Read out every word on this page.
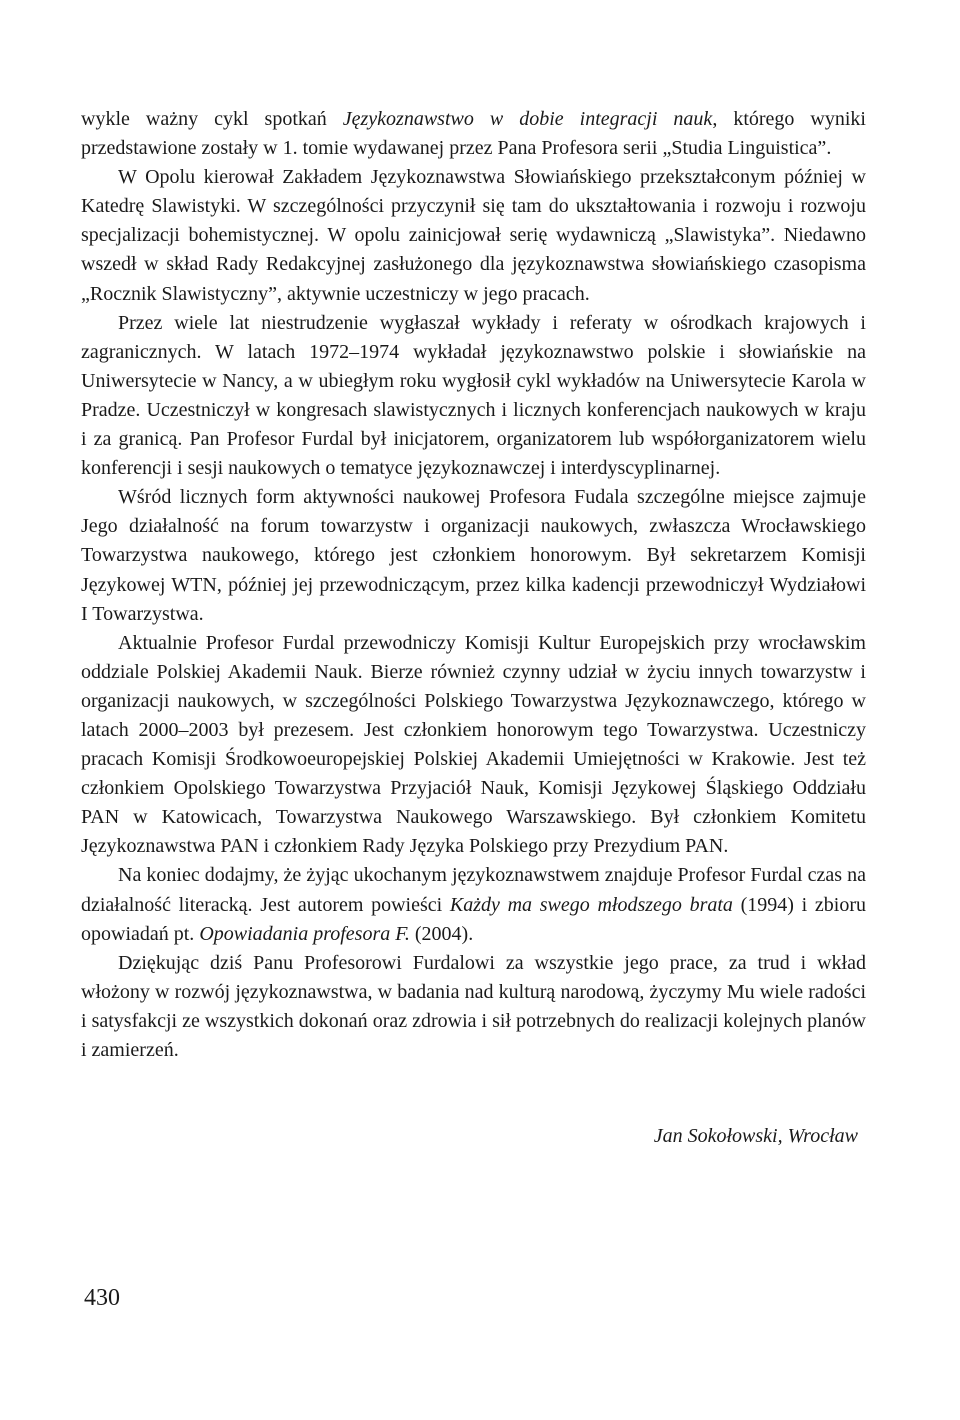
wykle ważny cykl spotkań Językoznawstwo w dobie integracji nauk, którego wyniki przedstawione zostały w 1. tomie wydawanej przez Pana Profesora serii „Studia Linguistica”.

W Opolu kierował Zakładem Językoznawstwa Słowiańskiego przekształconym później w Katedrę Slawistyki. W szczególności przyczynił się tam do ukształtowania i rozwoju i rozwoju specjalizacji bohemistycznej. W opolu zainicjował serię wydawniczą „Slawistyka”. Niedawno wszedł w skład Rady Redakcyjnej zasłużonego dla językoznawstwa słowiańskiego czasopisma „Rocznik Slawistyczny”, aktywnie uczestniczy w jego pracach.

Przez wiele lat niestrudzenie wygłaszał wykłady i referaty w ośrodkach krajowych i zagranicznych. W latach 1972–1974 wykładał językoznawstwo polskie i słowiańskie na Uniwersytecie w Nancy, a w ubiegłym roku wygłosił cykl wykładów na Uniwersytecie Karola w Pradze. Uczestniczył w kongresach slawistycznych i licznych konferencjach naukowych w kraju i za granicą. Pan Profesor Furdal był inicjatorem, organizatorem lub współorganizatorem wielu konferencji i sesji naukowych o tematyce językoznawczej i interdyscyplinarnej.

Wśród licznych form aktywności naukowej Profesora Fudala szczególne miejsce zajmuje Jego działalność na forum towarzystw i organizacji naukowych, zwłaszcza Wrocławskiego Towarzystwa naukowego, którego jest członkiem honorowym. Był sekretarzem Komisji Językowej WTN, później jej przewodniczącym, przez kilka kadencji przewodniczył Wydziałowi I Towarzystwa.

Aktualnie Profesor Furdal przewodniczy Komisji Kultur Europejskich przy wrocławskim oddziale Polskiej Akademii Nauk. Bierze również czynny udział w życiu innych towarzystw i organizacji naukowych, w szczególności Polskiego Towarzystwa Językoznawczego, którego w latach 2000–2003 był prezesem. Jest członkiem honorowym tego Towarzystwa. Uczestniczy pracach Komisji Środkowoeuropejskiej Polskiej Akademii Umiejętności w Krakowie. Jest też członkiem Opolskiego Towarzystwa Przyjaciół Nauk, Komisji Językowej Śląskiego Oddziału PAN w Katowicach, Towarzystwa Naukowego Warszawskiego. Był członkiem Komitetu Językoznawstwa PAN i członkiem Rady Języka Polskiego przy Prezydium PAN.

Na koniec dodajmy, że żyjąc ukochanym językoznawstwem znajduje Profesor Furdal czas na działalność literacką. Jest autorem powieści Każdy ma swego młodszego brata (1994) i zbioru opowiadań pt. Opowiadania profesora F. (2004).

Dziękując dziś Panu Profesorowi Furdalowi za wszystkie jego prace, za trud i wkład włożony w rozwój językoznawstwa, w badania nad kulturą narodową, życzymy Mu wiele radości i satysfakcji ze wszystkich dokonań oraz zdrowia i sił potrzebnych do realizacji kolejnych planów i zamierzeń.

Jan Sokołowski, Wrocław
430
